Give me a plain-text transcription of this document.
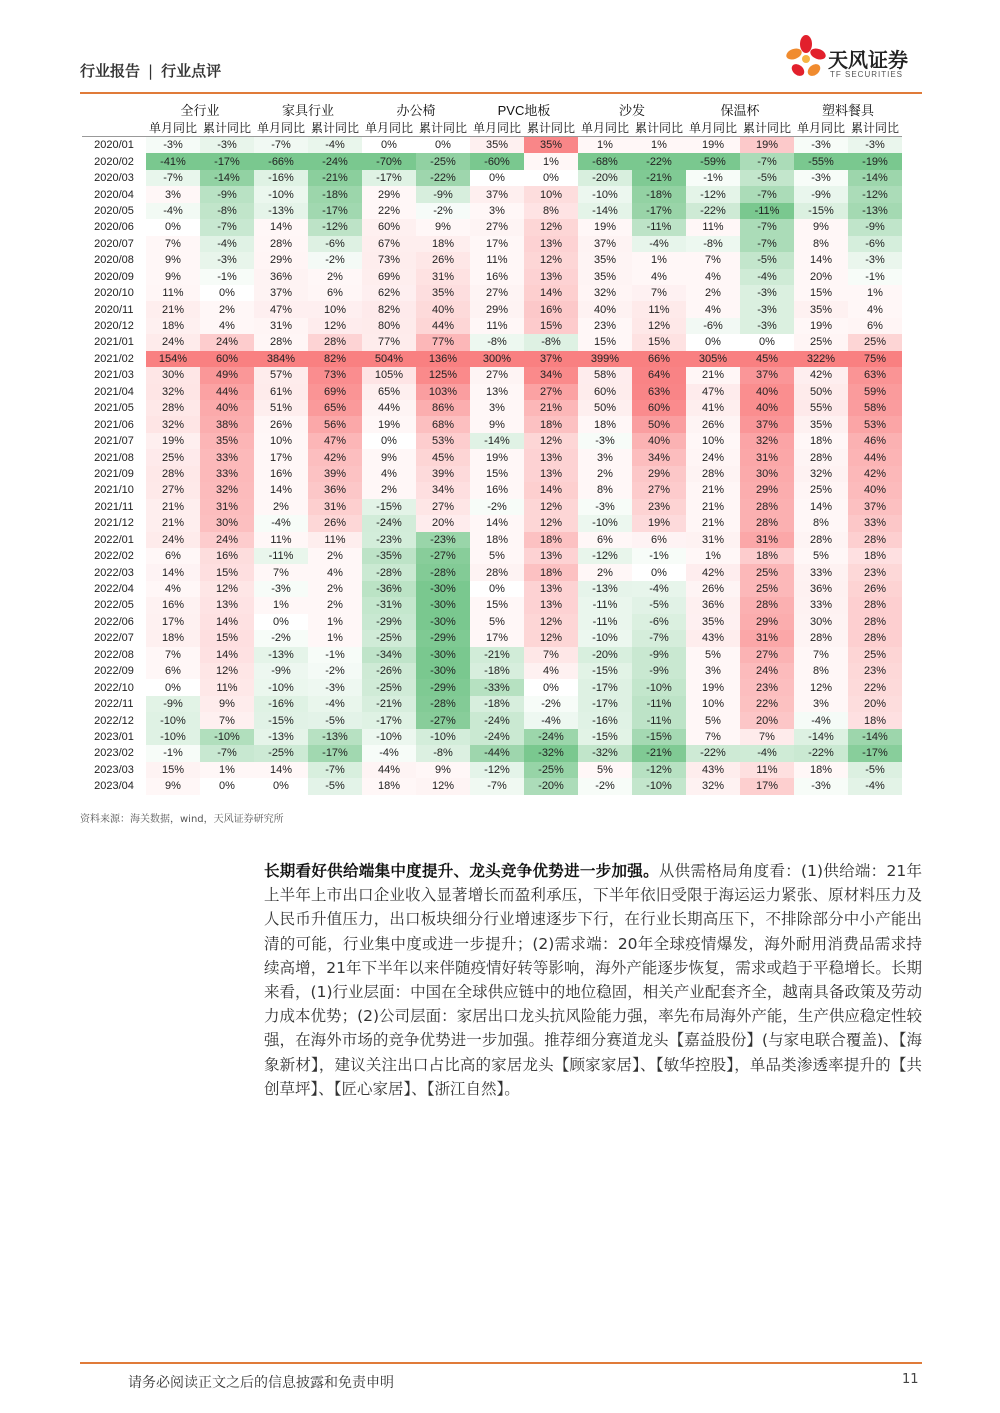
行业报告 | 行业点评	天风证券
TF SECURITIES
	全行业		家具行业		办公椅		PVC地板		沙发		保温杯		塑料餐具	
	单月同比	累计同比	单月同比	累计同比	单月同比	累计同比	单月同比	累计同比	单月同比	累计同比	单月同比	累计同比	单月同比	累计同比
2020/01	-3%	-3%	-7%	-4%	0%	0%	35%	35%	1%	1%	19%	19%	-3%	-3%
2020/02	-41%	-17%	-66%	-24%	-70%	-25%	-60%	1%	-68%	-22%	-59%	-7%	-55%	-19%
2020/03	-7%	-14%	-16%	-21%	-17%	-22%	0%	0%	-20%	-21%	-1%	-5%	-3%	-14%
2020/04	3%	-9%	-10%	-18%	29%	-9%	37%	10%	-10%	-18%	-12%	-7%	-9%	-12%
2020/05	-4%	-8%	-13%	-17%	22%	-2%	3%	8%	-14%	-17%	-22%	-11%	-15%	-13%
2020/06	0%	-7%	14%	-12%	60%	9%	27%	12%	19%	-11%	11%	-7%	9%	-9%
2020/07	7%	-4%	28%	-6%	67%	18%	17%	13%	37%	-4%	-8%	-7%	8%	-6%
2020/08	9%	-3%	29%	-2%	73%	26%	11%	12%	35%	1%	7%	-5%	14%	-3%
2020/09	9%	-1%	36%	2%	69%	31%	16%	13%	35%	4%	4%	-4%	20%	-1%
2020/10	11%	0%	37%	6%	62%	35%	27%	14%	32%	7%	2%	-3%	15%	1%
2020/11	21%	2%	47%	10%	82%	40%	29%	16%	40%	11%	4%	-3%	35%	4%
2020/12	18%	4%	31%	12%	80%	44%	11%	15%	23%	12%	-6%	-3%	19%	6%
2021/01	24%	24%	28%	28%	77%	77%	-8%	-8%	15%	15%	0%	0%	25%	25%
2021/02	154%	60%	384%	82%	504%	136%	300%	37%	399%	66%	305%	45%	322%	75%
2021/03	30%	49%	57%	73%	105%	125%	27%	34%	58%	64%	21%	37%	42%	63%
2021/04	32%	44%	61%	69%	65%	103%	13%	27%	60%	63%	47%	40%	50%	59%
2021/05	28%	40%	51%	65%	44%	86%	3%	21%	50%	60%	41%	40%	55%	58%
2021/06	32%	38%	26%	56%	19%	68%	9%	18%	18%	50%	26%	37%	35%	53%
2021/07	19%	35%	10%	47%	0%	53%	-14%	12%	-3%	40%	10%	32%	18%	46%
2021/08	25%	33%	17%	42%	9%	45%	19%	13%	3%	34%	24%	31%	28%	44%
2021/09	28%	33%	16%	39%	4%	39%	15%	13%	2%	29%	28%	30%	32%	42%
2021/10	27%	32%	14%	36%	2%	34%	16%	14%	8%	27%	21%	29%	25%	40%
2021/11	21%	31%	2%	31%	-15%	27%	-2%	12%	-3%	23%	21%	28%	14%	37%
2021/12	21%	30%	-4%	26%	-24%	20%	14%	12%	-10%	19%	21%	28%	8%	33%
2022/01	24%	24%	11%	11%	-23%	-23%	18%	18%	6%	6%	31%	31%	28%	28%
2022/02	6%	16%	-11%	2%	-35%	-27%	5%	13%	-12%	-1%	1%	18%	5%	18%
2022/03	14%	15%	7%	4%	-28%	-28%	28%	18%	2%	0%	42%	25%	33%	23%
2022/04	4%	12%	-3%	2%	-36%	-30%	0%	13%	-13%	-4%	26%	25%	36%	26%
2022/05	16%	13%	1%	2%	-31%	-30%	15%	13%	-11%	-5%	36%	28%	33%	28%
2022/06	17%	14%	0%	1%	-29%	-30%	5%	12%	-11%	-6%	35%	29%	30%	28%
2022/07	18%	15%	-2%	1%	-25%	-29%	17%	12%	-10%	-7%	43%	31%	28%	28%
2022/08	7%	14%	-13%	-1%	-34%	-30%	-21%	7%	-20%	-9%	5%	27%	7%	25%
2022/09	6%	12%	-9%	-2%	-26%	-30%	-18%	4%	-15%	-9%	3%	24%	8%	23%
2022/10	0%	11%	-10%	-3%	-25%	-29%	-33%	0%	-17%	-10%	19%	23%	12%	22%
2022/11	-9%	9%	-16%	-4%	-21%	-28%	-18%	-2%	-17%	-11%	10%	22%	3%	20%
2022/12	-10%	7%	-15%	-5%	-17%	-27%	-24%	-4%	-16%	-11%	5%	20%	-4%	18%
2023/01	-10%	-10%	-13%	-13%	-10%	-10%	-24%	-24%	-15%	-15%	7%	7%	-14%	-14%
2023/02	-1%	-7%	-25%	-17%	-4%	-8%	-44%	-32%	-32%	-21%	-22%	-4%	-22%	-17%
2023/03	15%	1%	14%	-7%	44%	9%	-12%	-25%	5%	-12%	43%	11%	18%	-5%
2023/04	9%	0%	0%	-5%	18%	12%	-7%	-20%	-2%	-10%	32%	17%	-3%	-4%
资料来源：海关数据，wind，天风证券研究所
长期看好供给端集中度提升、龙头竞争优势进一步加强。从供需格局角度看：(1)供给端：21年上半年上市出口企业收入显著增长而盈利承压，下半年依旧受限于海运运力紧张、原材料压力及人民币升值压力，出口板块细分行业增速逐步下行，在行业长期高压下，不排除部分中小产能出清的可能，行业集中度或进一步提升；(2)需求端：20年全球疫情爆发，海外耐用消费品需求持续高增，21年下半年以来伴随疫情好转等影响，海外产能逐步恢复，需求或趋于平稳增长。长期来看，(1)行业层面：中国在全球供应链中的地位稳固，相关产业配套齐全，越南具备政策及劳动力成本优势；(2)公司层面：家居出口龙头抗风险能力强，率先布局海外产能，生产供应稳定性较强，在海外市场的竞争优势进一步加强。推荐细分赛道龙头【嘉益股份】(与家电联合覆盖)、【海象新材】，建议关注出口占比高的家居龙头【顾家家居】、【敏华控股】，单品类渗透率提升的【共创草坪】、【匠心家居】、【浙江自然】。
请务必阅读正文之后的信息披露和免责申明	11
